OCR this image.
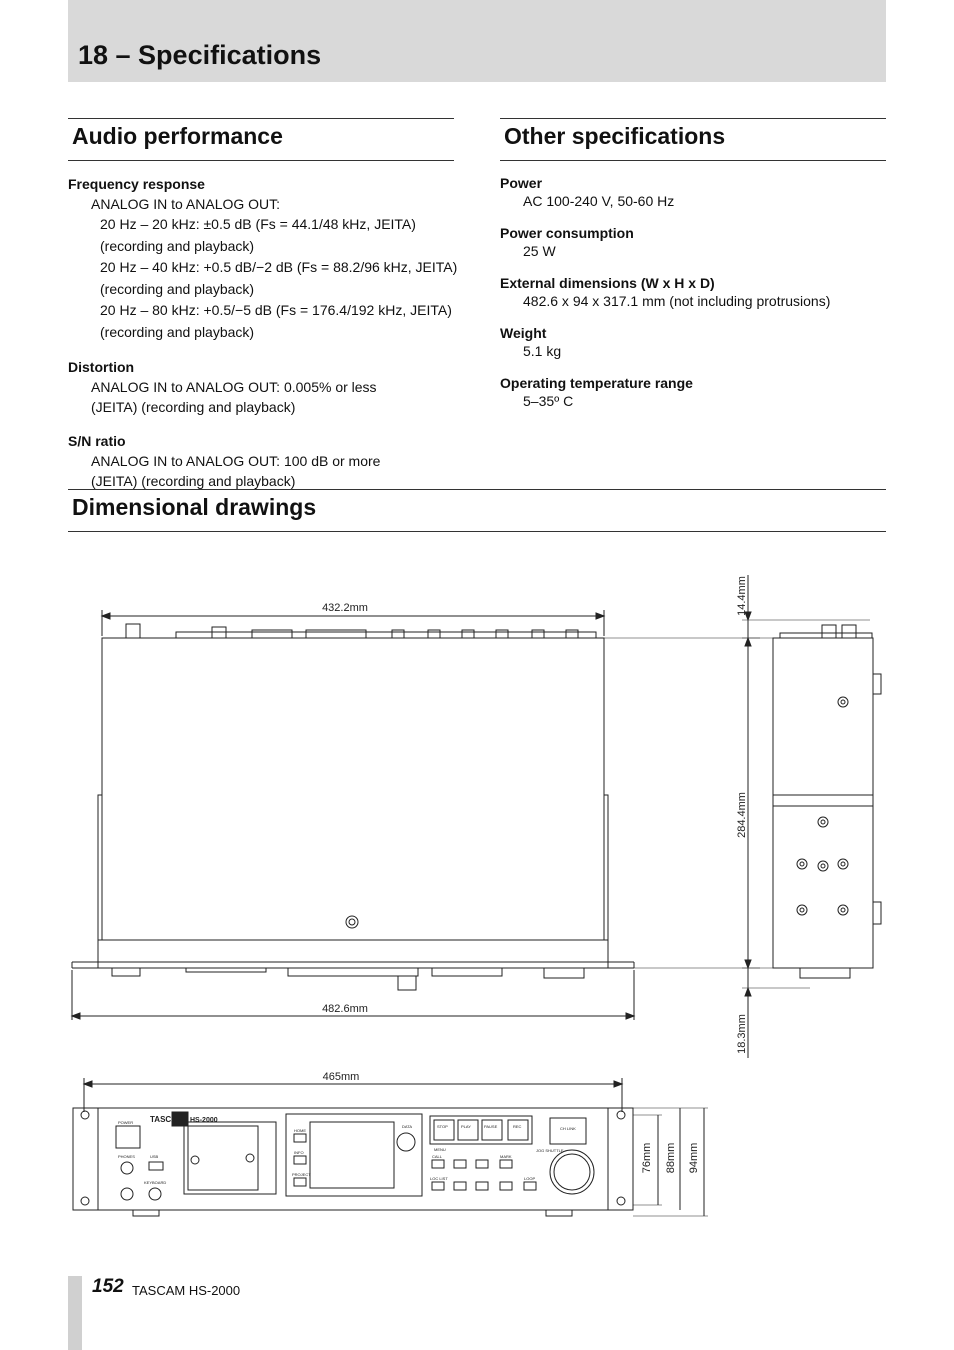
18 – Specifications
Audio performance
Frequency response
ANALOG IN to ANALOG OUT:
20 Hz – 20 kHz: ±0.5 dB (Fs = 44.1/48 kHz, JEITA)
(recording and playback)
20 Hz – 40 kHz: +0.5 dB/−2 dB (Fs = 88.2/96 kHz, JEITA)
(recording and playback)
20 Hz – 80 kHz: +0.5/−5 dB (Fs = 176.4/192 kHz, JEITA)
(recording and playback)
Distortion
ANALOG IN to ANALOG OUT: 0.005% or less
(JEITA) (recording and playback)
S/N ratio
ANALOG IN to ANALOG OUT: 100 dB or more
(JEITA) (recording and playback)
Other specifications
Power
AC 100-240 V, 50-60 Hz
Power consumption
25 W
External dimensions (W x H x D)
482.6 x 94 x 317.1 mm (not including protrusions)
Weight
5.1 kg
Operating temperature range
5–35º C
Dimensional drawings
432.2mm
482.6mm
14.4mm
284.4mm
18.3mm
TASCAM HS-2000
POWER
PHONES	USB
KEYBOARD
HOME
INFO
PROJECT
DATA	STOP	PLAY	PAUSE	REC
MENU
CALL	MARK
LOC LIST	LOOP
CH LINK
JOG SHUTTLE
465mm
76mm 88mm 94mm
152 TASCAM HS-2000
